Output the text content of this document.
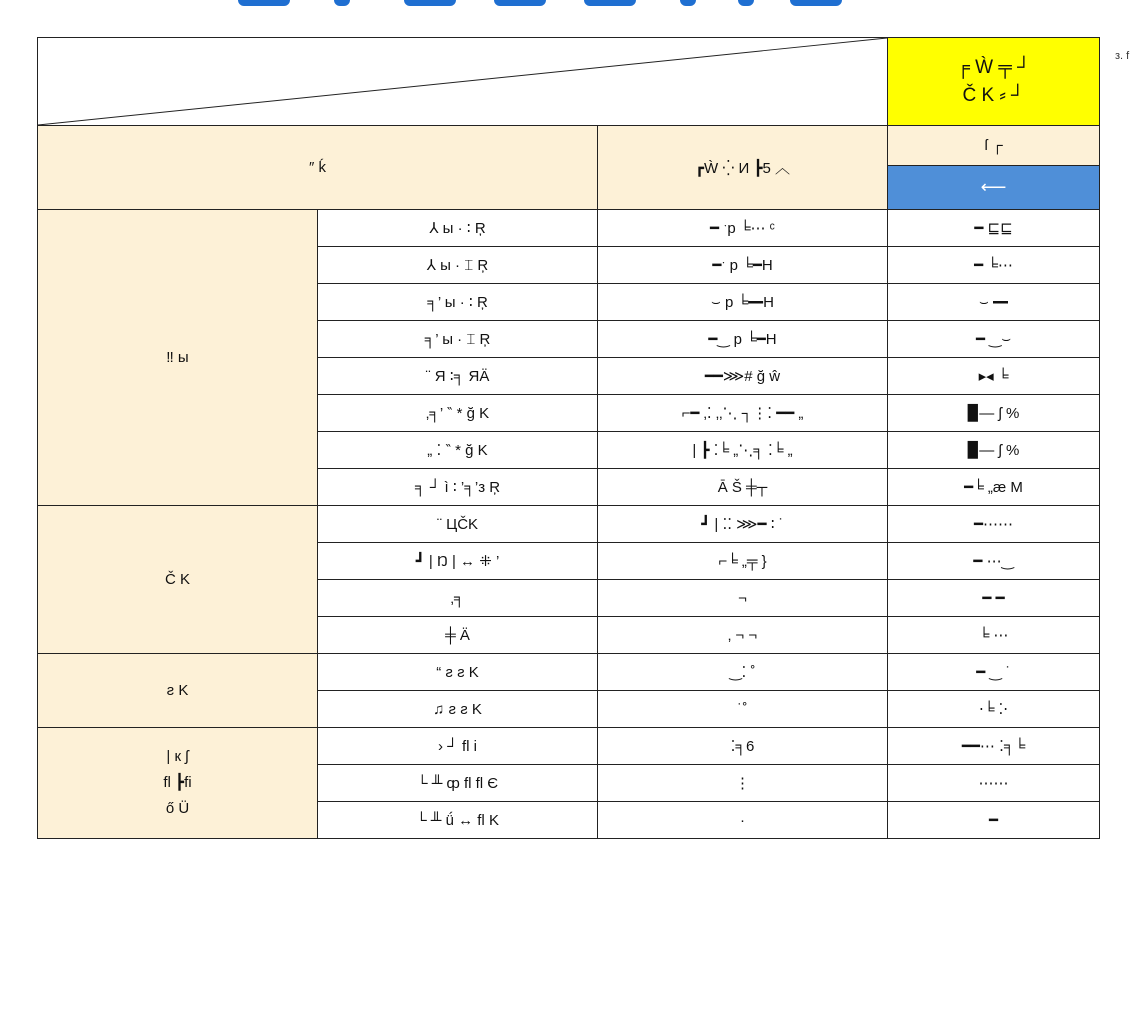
з. f

╒ Ẁ ╤ ┘
Č K ⸗ ┘

″ ḱ		┏Ẁ ⁛ И ┣5 ︿	ſ ┌
			⟵
‼ ы	⅄ ы · ∶ Ŗ	━ ˑp ╘⋯ ᶜ	━ ⊑⊑
	⅄ ы · ⌶ Ŗ	━ˑ p ╘━H	━ ╘⋯
	╕’ ы · ∶ Ŗ	⌣ p ╘━H	⌣ ━
	╕’ ы · ⌶ Ŗ	━‿ p ╘━H	━ ‿⌣
	¨ Я ∶╕ ЯÄ	━━⋙# ğ ŵ	▸◂ ╘
	‚╕’ ‶ * ğ K	⌐━ ‚⁚ ‚‚⋱ ┐⋮⁚ ━━ „	▉— ʃ %
	„ ⁚ ‶ * ğ K	| ┣ ⁚╘ „⋱╕ ⁚╘ „	▉— ʃ %
	╕ ┘ ì ∶ ’╕’з Ŗ	Ā Š ╪┬	━╘ „æ M
Č K	¨ ЦČK	┛ | ⁚⁚ ⋙━ ∶ ˙	━⋯⋯
	┛ | Ŋ | ↔ ⁜ ’	⌐╘ „╤ }	━ ⋯‿
	‚╕	¬	━ ━
	╪ Ä	‚ ¬ ¬	╘ ⋯
ƨ K	“ ƨ ƨ K	‿⁚ ˚	━ ‿ ˙
	♫ ƨ ƨ K	˙˚	⋅╘ ⁚⋅

| к ʃ
ﬂ ┣ﬁ
ő Ü	› ┘ ﬂ i	⁚╕6	━━⋯ ⁚╕╘
	└ ╨ ȹ ﬂ ﬂ Є	⋮	⋯⋯
	└ ╨ ǘ ↔ ﬂ K	·	━
